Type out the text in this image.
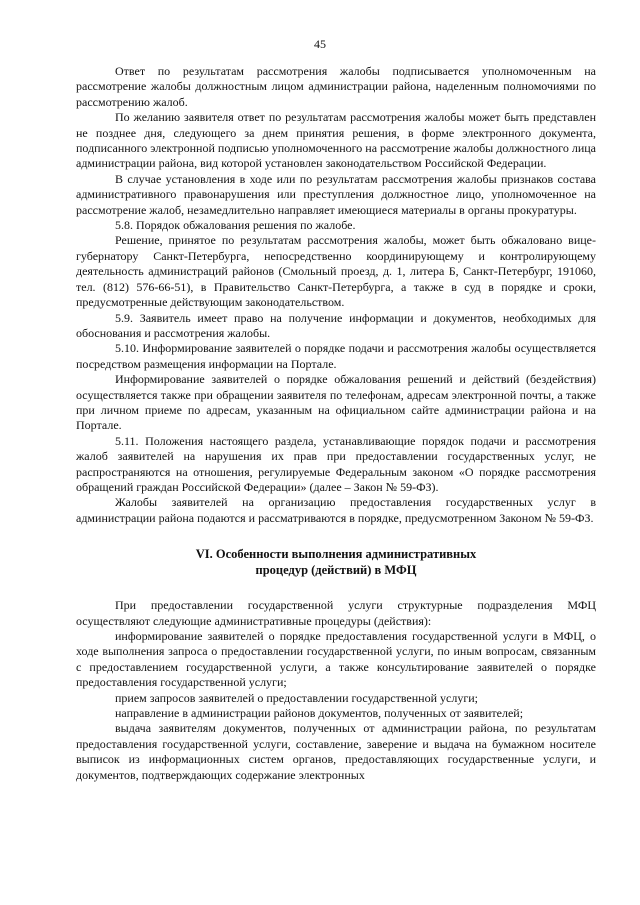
45

Ответ по результатам рассмотрения жалобы подписывается уполномоченным на рассмотрение жалобы должностным лицом администрации района, наделенным полномочиями по рассмотрению жалоб.

По желанию заявителя ответ по результатам рассмотрения жалобы может быть представлен не позднее дня, следующего за днем принятия решения, в форме электронного документа, подписанного электронной подписью уполномоченного на рассмотрение жалобы должностного лица администрации района, вид которой установлен законодательством Российской Федерации.

В случае установления в ходе или по результатам рассмотрения жалобы признаков состава административного правонарушения или преступления должностное лицо, уполномоченное на рассмотрение жалоб, незамедлительно направляет имеющиеся материалы в органы прокуратуры.

5.8. Порядок обжалования решения по жалобе.

Решение, принятое по результатам рассмотрения жалобы, может быть обжаловано вице-губернатору Санкт-Петербурга, непосредственно координирующему и контролирующему деятельность администраций районов (Смольный проезд, д. 1, литера Б, Санкт-Петербург, 191060, тел. (812) 576-66-51), в Правительство Санкт-Петербурга, а также в суд в порядке и сроки, предусмотренные действующим законодательством.

5.9. Заявитель имеет право на получение информации и документов, необходимых для обоснования и рассмотрения жалобы.

5.10. Информирование заявителей о порядке подачи и рассмотрения жалобы осуществляется посредством размещения информации на Портале.

Информирование заявителей о порядке обжалования решений и действий (бездействия) осуществляется также при обращении заявителя по телефонам, адресам электронной почты, а также при личном приеме по адресам, указанным на официальном сайте администрации района и на Портале.

5.11. Положения настоящего раздела, устанавливающие порядок подачи и рассмотрения жалоб заявителей на нарушения их прав при предоставлении государственных услуг, не распространяются на отношения, регулируемые Федеральным законом «О порядке рассмотрения обращений граждан Российской Федерации» (далее – Закон № 59-ФЗ).

Жалобы заявителей на организацию предоставления государственных услуг в администрации района подаются и рассматриваются в порядке, предусмотренном Законом № 59-ФЗ.

VI. Особенности выполнения административных
процедур (действий) в МФЦ

При предоставлении государственной услуги структурные подразделения МФЦ осуществляют следующие административные процедуры (действия):

информирование заявителей о порядке предоставления государственной услуги в МФЦ, о ходе выполнения запроса о предоставлении государственной услуги, по иным вопросам, связанным с предоставлением государственной услуги, а также консультирование заявителей о порядке предоставления государственной услуги;

прием запросов заявителей о предоставлении государственной услуги;

направление в администрации районов документов, полученных от заявителей;

выдача заявителям документов, полученных от администрации района, по результатам предоставления государственной услуги, составление, заверение и выдача на бумажном носителе выписок из информационных систем органов, предоставляющих государственные услуги, и документов, подтверждающих содержание электронных
